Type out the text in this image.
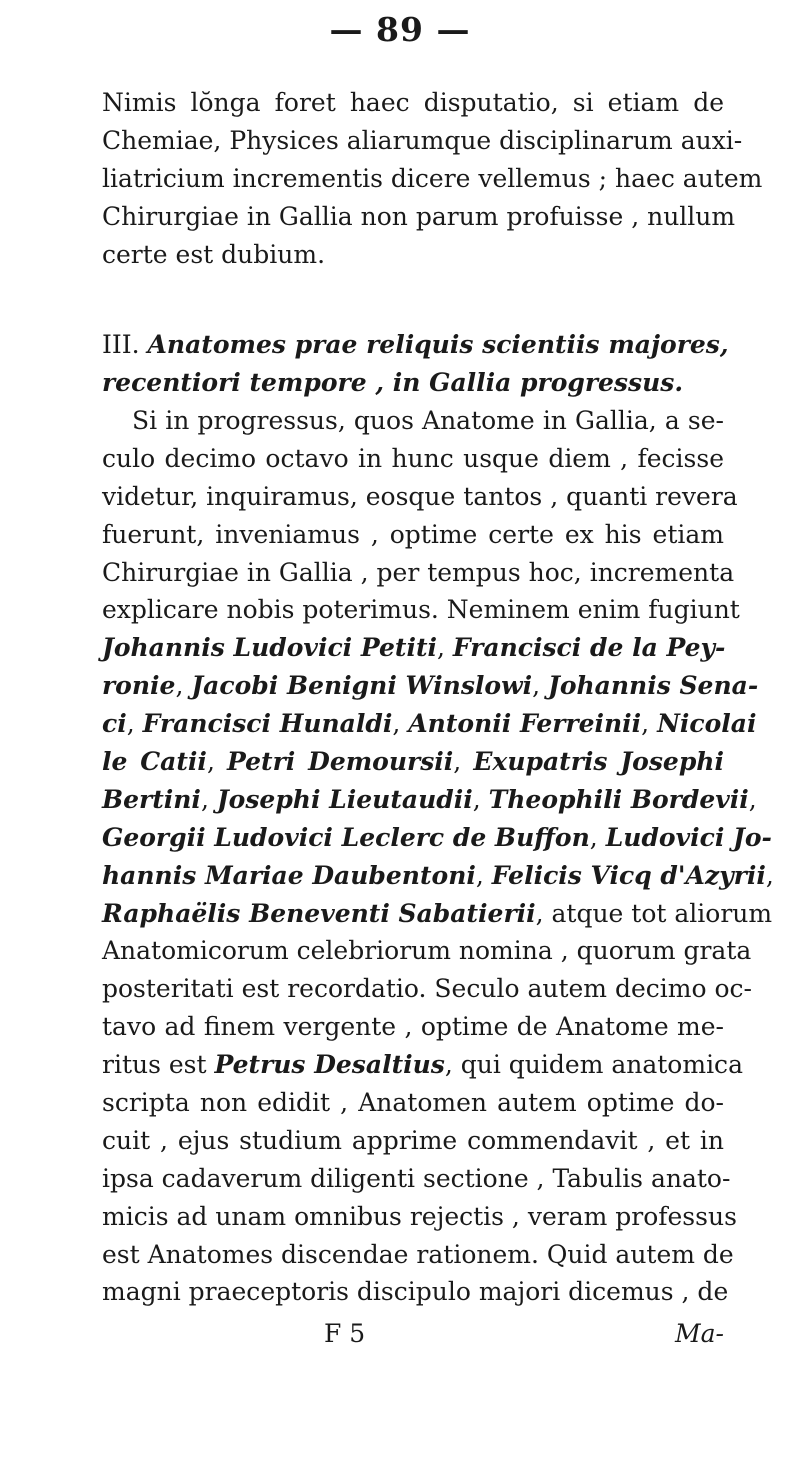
— 89 —
Nimis lŏnga foret haec disputatio, si etiam de
Chemiae, Physices aliarumque disciplinarum auxi-
liatricium incrementis dicere vellemus ; haec autem
Chirurgiae in Gallia non parum profuisse , nullum
certe est dubium.
III. Anatomes prae reliquis scientiis majores,
recentiori tempore , in Gallia progressus.
Si in progressus, quos Anatome in Gallia, a se-
culo decimo octavo in hunc usque diem , fecisse
videtur, inquiramus, eosque tantos , quanti revera
fuerunt, inveniamus , optime certe ex his etiam
Chirurgiae in Gallia , per tempus hoc, incrementa
explicare nobis poterimus. Neminem enim fugiunt
Johannis Ludovici Petiti, Francisci de la Pey-
ronie, Jacobi Benigni Winslowi, Johannis Sena-
ci, Francisci Hunaldi, Antonii Ferreinii, Nicolai
le Catii, Petri Demoursii, Exupatris Josephi
Bertini, Josephi Lieutaudii, Theophili Bordevii,
Georgii Ludovici Leclerc de Buffon, Ludovici Jo-
hannis Mariae Daubentoni, Felicis Vicq d'Azyrii,
Raphaëlis Beneventi Sabatierii, atque tot aliorum
Anatomicorum celebriorum nomina , quorum grata
posteritati est recordatio. Seculo autem decimo oc-
tavo ad finem vergente , optime de Anatome me-
ritus est Petrus Desaltius, qui quidem anatomica
scripta non edidit , Anatomen autem optime do-
cuit , ejus studium apprime commendavit , et in
ipsa cadaverum diligenti sectione , Tabulis anato-
micis ad unam omnibus rejectis , veram professus
est Anatomes discendae rationem. Quid autem de
magni praeceptoris discipulo majori dicemus , de
F 5	Ma-
